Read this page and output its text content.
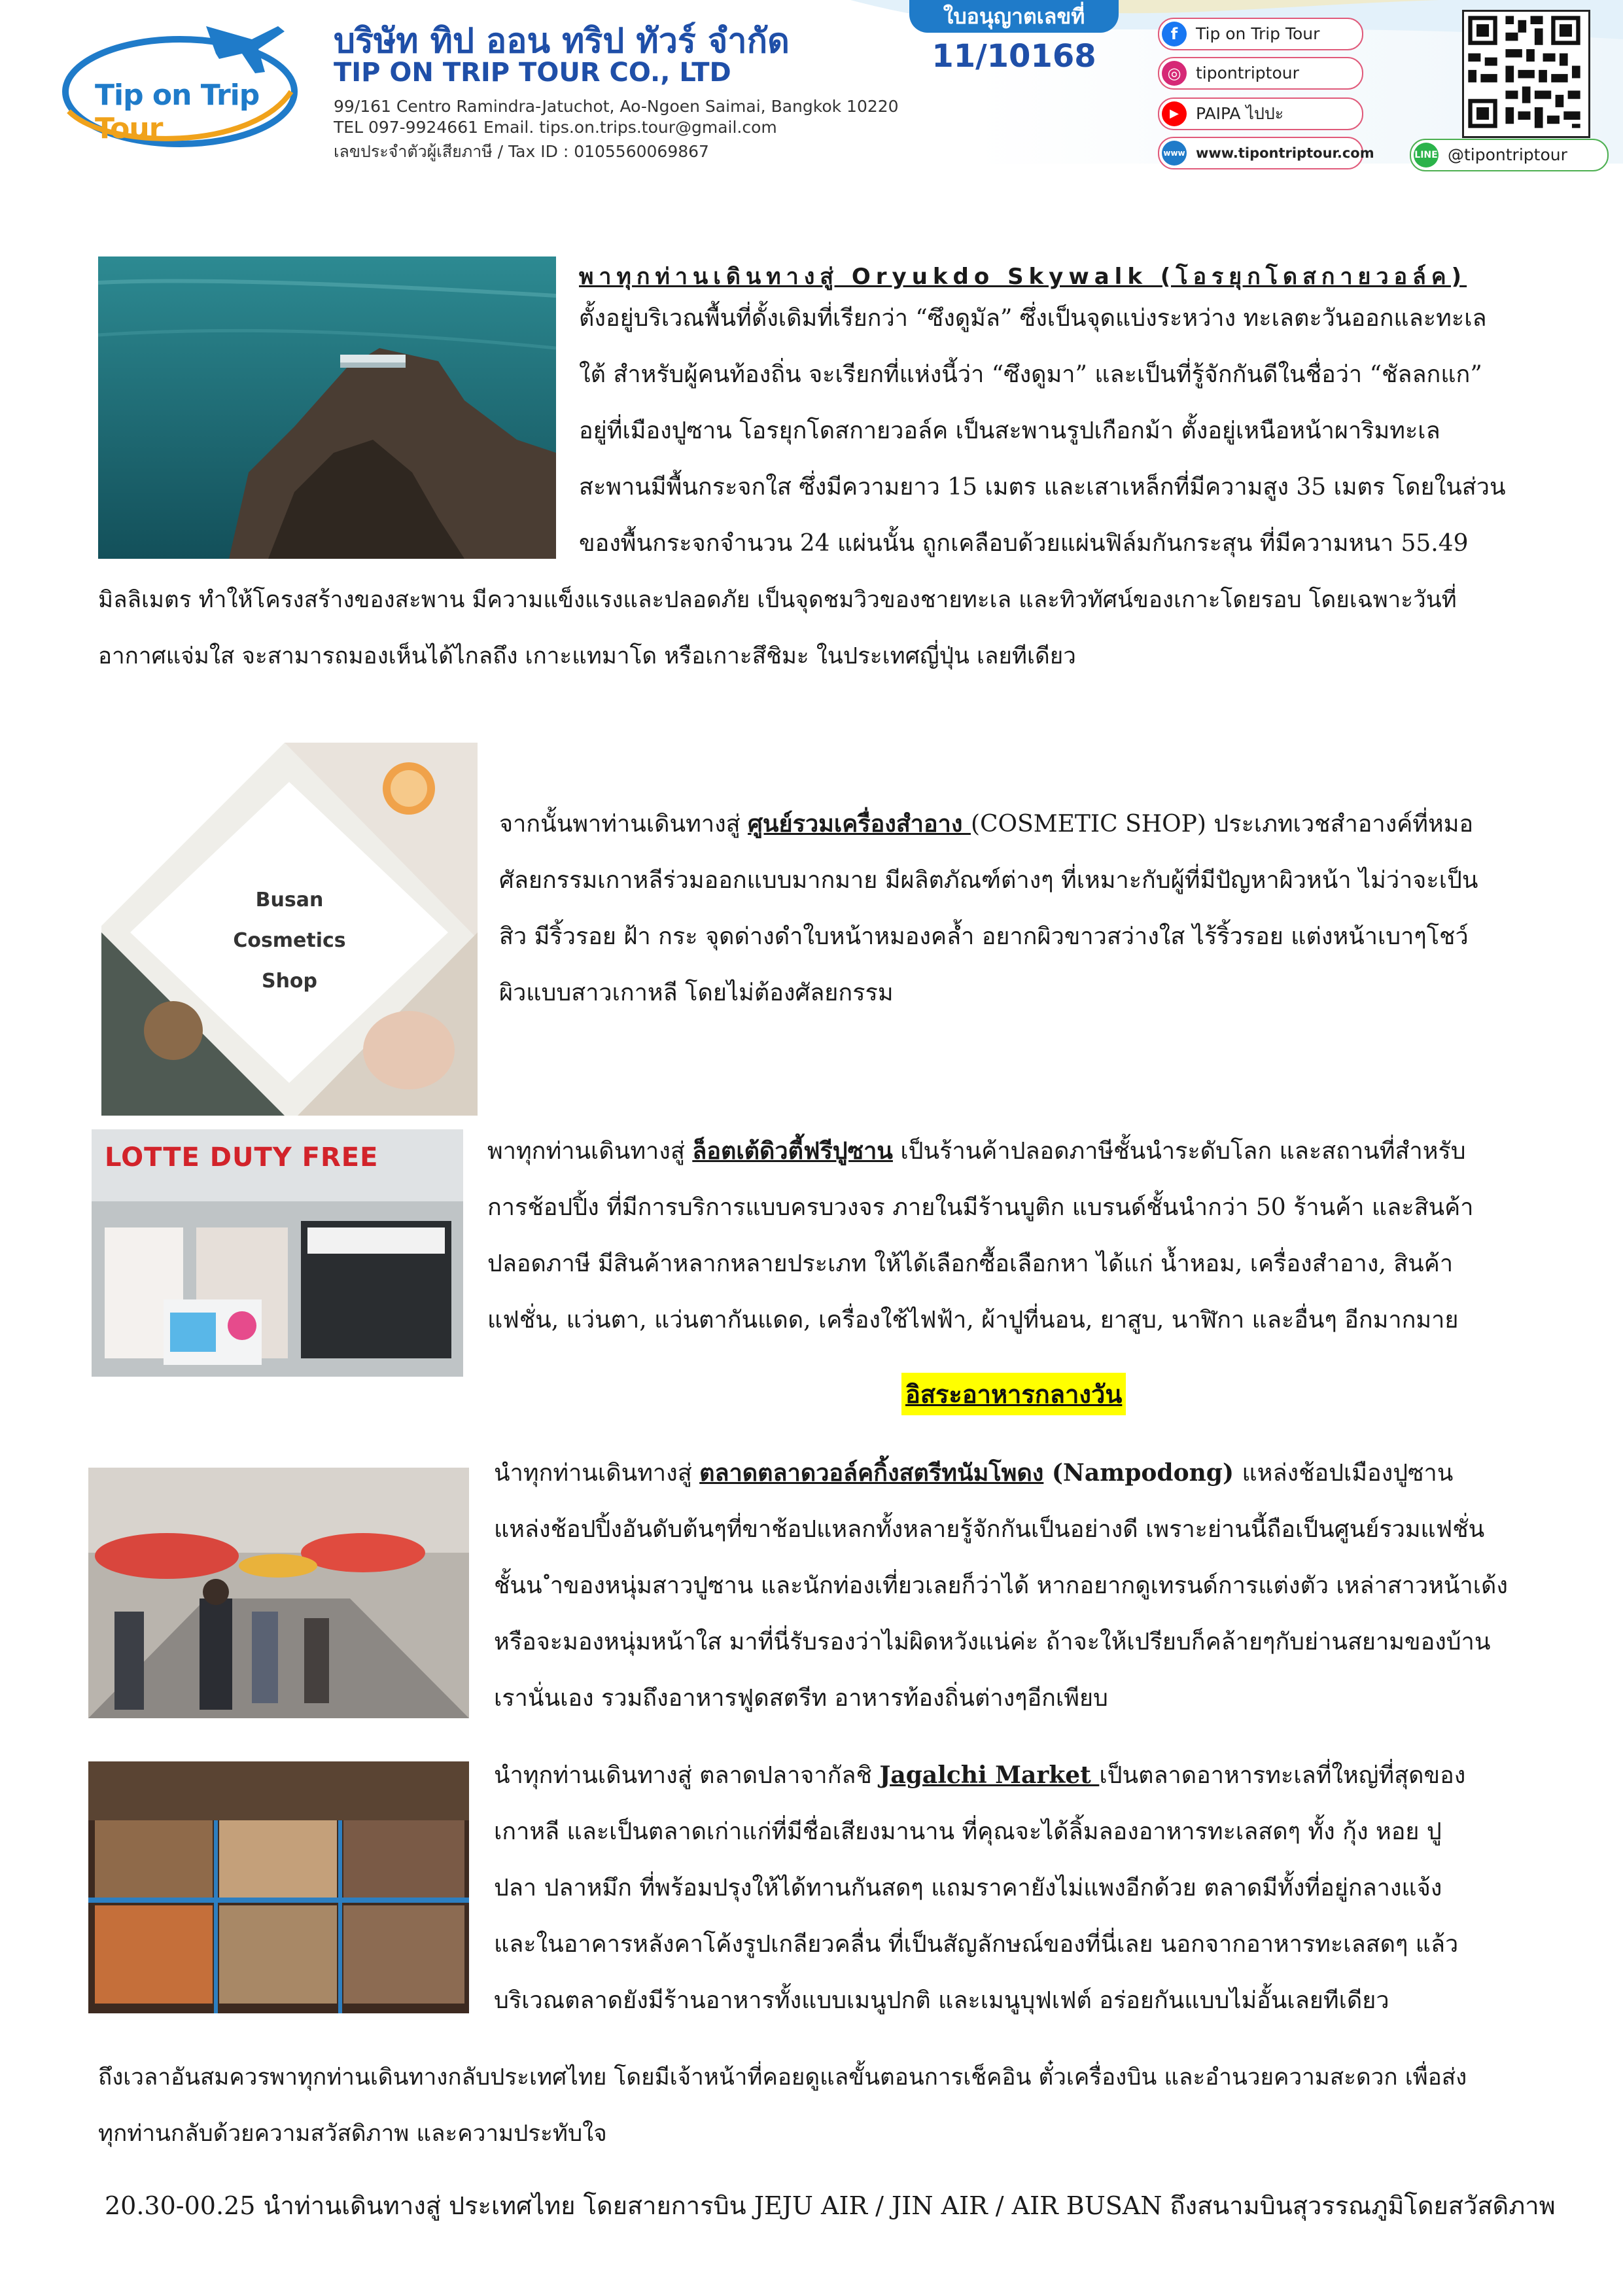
Tip on Trip Tour
บริษัท ทิป ออน ทริป ทัวร์ จำกัด
TIP ON TRIP TOUR CO., LTD
99/161 Centro Ramindra-Jatuchot, Ao-Ngoen Saimai, Bangkok 10220
TEL 097-9924661 Email. tips.on.trips.tour@gmail.com
เลขประจำตัวผู้เสียภาษี / Tax ID : 0105560069867
ใบอนุญาตเลขที่
11/10168
f	Tip on Trip Tour
◎ tipontriptour
▶	PAIPA ไปปะ
www www.tipontriptour.com	LINE @tipontriptour

พาทุกท่านเดินทางสู่ Oryukdo Skywalk (โอรยุกโดสกายวอล์ค)

ตั้งอยู่บริเวณพื้นที่ดั้งเดิมที่เรียกว่า “ซึงดูมัล” ซึ่งเป็นจุดแบ่งระหว่าง ทะเลตะวันออกและทะเล

ใต้ สำหรับผู้คนท้องถิ่น จะเรียกที่แห่งนี้ว่า “ซึงดูมา” และเป็นที่รู้จักกันดีในชื่อว่า “ชัลลกแก”

อยู่ที่เมืองปูซาน โอรยุกโดสกายวอล์ค เป็นสะพานรูปเกือกม้า ตั้งอยู่เหนือหน้าผาริมทะเล

สะพานมีพื้นกระจกใส ซึ่งมีความยาว 15 เมตร และเสาเหล็กที่มีความสูง 35 เมตร โดยในส่วน

ของพื้นกระจกจำนวน 24 แผ่นนั้น ถูกเคลือบด้วยแผ่นฟิล์มกันกระสุน ที่มีความหนา 55.49

มิลลิเมตร ทำให้โครงสร้างของสะพาน มีความแข็งแรงและปลอดภัย เป็นจุดชมวิวของชายทะเล และทิวทัศน์ของเกาะโดยรอบ โดยเฉพาะวันที่

อากาศแจ่มใส จะสามารถมองเห็นได้ไกลถึง เกาะแทมาโด หรือเกาะสึชิมะ ในประเทศญี่ปุ่น เลยทีเดียว

Busan
Cosmetics
Shop

จากนั้นพาท่านเดินทางสู่ ศูนย์รวมเครื่องสำอาง (COSMETIC SHOP) ประเภทเวชสำอางค์ที่หมอ

ศัลยกรรมเกาหลีร่วมออกแบบมากมาย มีผลิตภัณฑ์ต่างๆ ที่เหมาะกับผู้ที่มีปัญหาผิวหน้า ไม่ว่าจะเป็น

สิว มีริ้วรอย ฝ้า กระ จุดด่างดำใบหน้าหมองคล้ำ อยากผิวขาวสว่างใส ไร้ริ้วรอย แต่งหน้าเบาๆโชว์

ผิวแบบสาวเกาหลี โดยไม่ต้องศัลยกรรม

LOTTE DUTY FREE	พาทุกท่านเดินทางสู่ ล็อตเต้ดิวตี้ฟรีปูซาน เป็นร้านค้าปลอดภาษีชั้นนำระดับโลก และสถานที่สำหรับ

การช้อปปิ้ง ที่มีการบริการแบบครบวงจร ภายในมีร้านบูติก แบรนด์ชั้นนำกว่า 50 ร้านค้า และสินค้า

ปลอดภาษี มีสินค้าหลากหลายประเภท ให้ได้เลือกซื้อเลือกหา ได้แก่ น้ำหอม, เครื่องสำอาง, สินค้า

แฟชั่น, แว่นตา, แว่นตากันแดด, เครื่องใช้ไฟฟ้า, ผ้าปูที่นอน, ยาสูบ, นาฬิกา และอื่นๆ อีกมากมาย

อิสระอาหารกลางวัน

นำทุกท่านเดินทางสู่ ตลาดตลาดวอล์คกิ้งสตรีทนัมโพดง (Nampodong) แหล่งช้อปเมืองปูซาน

แหล่งช้อปปิ้งอันดับต้นๆที่ขาช้อปแหลกทั้งหลายรู้จักกันเป็นอย่างดี เพราะย่านนี้ถือเป็นศูนย์รวมแฟชั่น

ชั้นน ำของหนุ่มสาวปูซาน และนักท่องเที่ยวเลยก็ว่าได้ หากอยากดูเทรนด์การแต่งตัว เหล่าสาวหน้าเด้ง

หรือจะมองหนุ่มหน้าใส มาที่นี่รับรองว่าไม่ผิดหวังแน่ค่ะ ถ้าจะให้เปรียบก็คล้ายๆกับย่านสยามของบ้าน

เรานั่นเอง รวมถึงอาหารฟูดสตรีท อาหารท้องถิ่นต่างๆอีกเพียบ

นำทุกท่านเดินทางสู่ ตลาดปลาจากัลชิ Jagalchi Market เป็นตลาดอาหารทะเลที่ใหญ่ที่สุดของ

เกาหลี และเป็นตลาดเก่าแก่ที่มีชื่อเสียงมานาน ที่คุณจะได้ลิ้มลองอาหารทะเลสดๆ ทั้ง กุ้ง หอย ปู

ปลา ปลาหมึก ที่พร้อมปรุงให้ได้ทานกันสดๆ แถมราคายังไม่แพงอีกด้วย ตลาดมีทั้งที่อยู่กลางแจ้ง

และในอาคารหลังคาโค้งรูปเกลียวคลื่น ที่เป็นสัญลักษณ์ของที่นี่เลย นอกจากอาหารทะเลสดๆ แล้ว

บริเวณตลาดยังมีร้านอาหารทั้งแบบเมนูปกติ และเมนูบุฟเฟต์ อร่อยกันแบบไม่อั้นเลยทีเดียว

ถึงเวลาอันสมควรพาทุกท่านเดินทางกลับประเทศไทย โดยมีเจ้าหน้าที่คอยดูแลขั้นตอนการเช็คอิน ตั๋วเครื่องบิน และอำนวยความสะดวก เพื่อส่ง

ทุกท่านกลับด้วยความสวัสดิภาพ และความประทับใจ

20.30-00.25 นำท่านเดินทางสู่ ประเทศไทย โดยสายการบิน JEJU AIR / JIN AIR / AIR BUSAN ถึงสนามบินสุวรรณภูมิโดยสวัสดิภาพ
